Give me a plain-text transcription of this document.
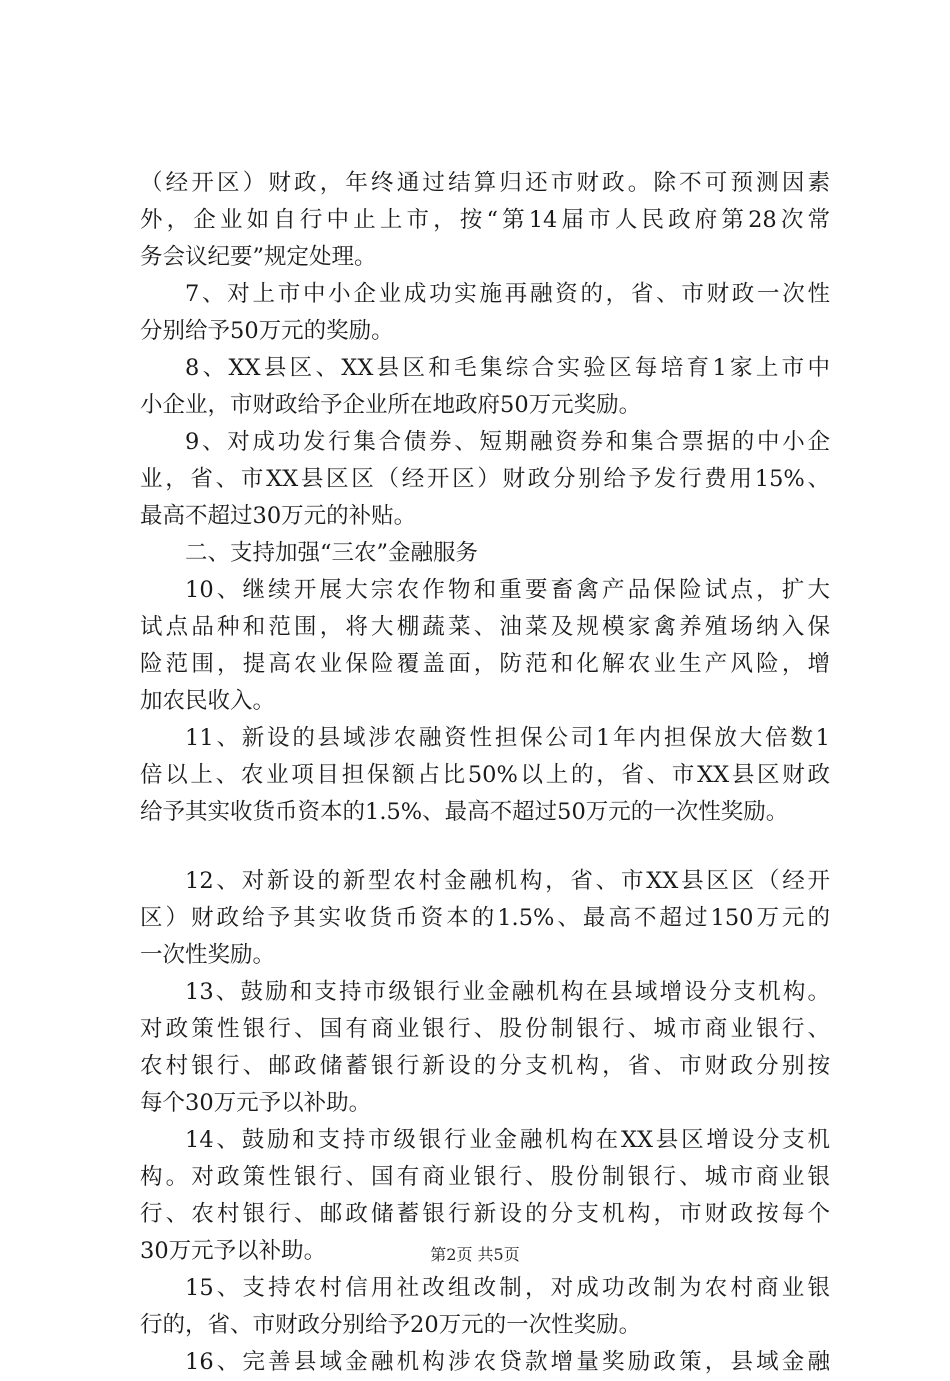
（经开区）财政，年终通过结算归还市财政。除不可预测因素
外，企业如自行中止上市，按“第14届市人民政府第28次常
务会议纪要”规定处理。
7、对上市中小企业成功实施再融资的，省、市财政一次性
分别给予50万元的奖励。
8、XX县区、XX县区和毛集综合实验区每培育1家上市中
小企业，市财政给予企业所在地政府50万元奖励。
9、对成功发行集合债券、短期融资券和集合票据的中小企
业，省、市XX县区区（经开区）财政分别给予发行费用15%、
最高不超过30万元的补贴。
二、支持加强“三农”金融服务
10、继续开展大宗农作物和重要畜禽产品保险试点，扩大
试点品种和范围，将大棚蔬菜、油菜及规模家禽养殖场纳入保
险范围，提高农业保险覆盖面，防范和化解农业生产风险，增
加农民收入。
11、新设的县域涉农融资性担保公司1年内担保放大倍数1
倍以上、农业项目担保额占比50%以上的，省、市XX县区财政
给予其实收货币资本的1.5%、最高不超过50万元的一次性奖励。
12、对新设的新型农村金融机构，省、市XX县区区（经开
区）财政给予其实收货币资本的1.5%、最高不超过150万元的
一次性奖励。
13、鼓励和支持市级银行业金融机构在县域增设分支机构。
对政策性银行、国有商业银行、股份制银行、城市商业银行、
农村银行、邮政储蓄银行新设的分支机构，省、市财政分别按
每个30万元予以补助。
14、鼓励和支持市级银行业金融机构在XX县区增设分支机
构。对政策性银行、国有商业银行、股份制银行、城市商业银
行、农村银行、邮政储蓄银行新设的分支机构，市财政按每个
30万元予以补助。
15、支持农村信用社改组改制，对成功改制为农村商业银
行的，省、市财政分别给予20万元的一次性奖励。
16、完善县域金融机构涉农贷款增量奖励政策，县域金融
第2页 共5页
